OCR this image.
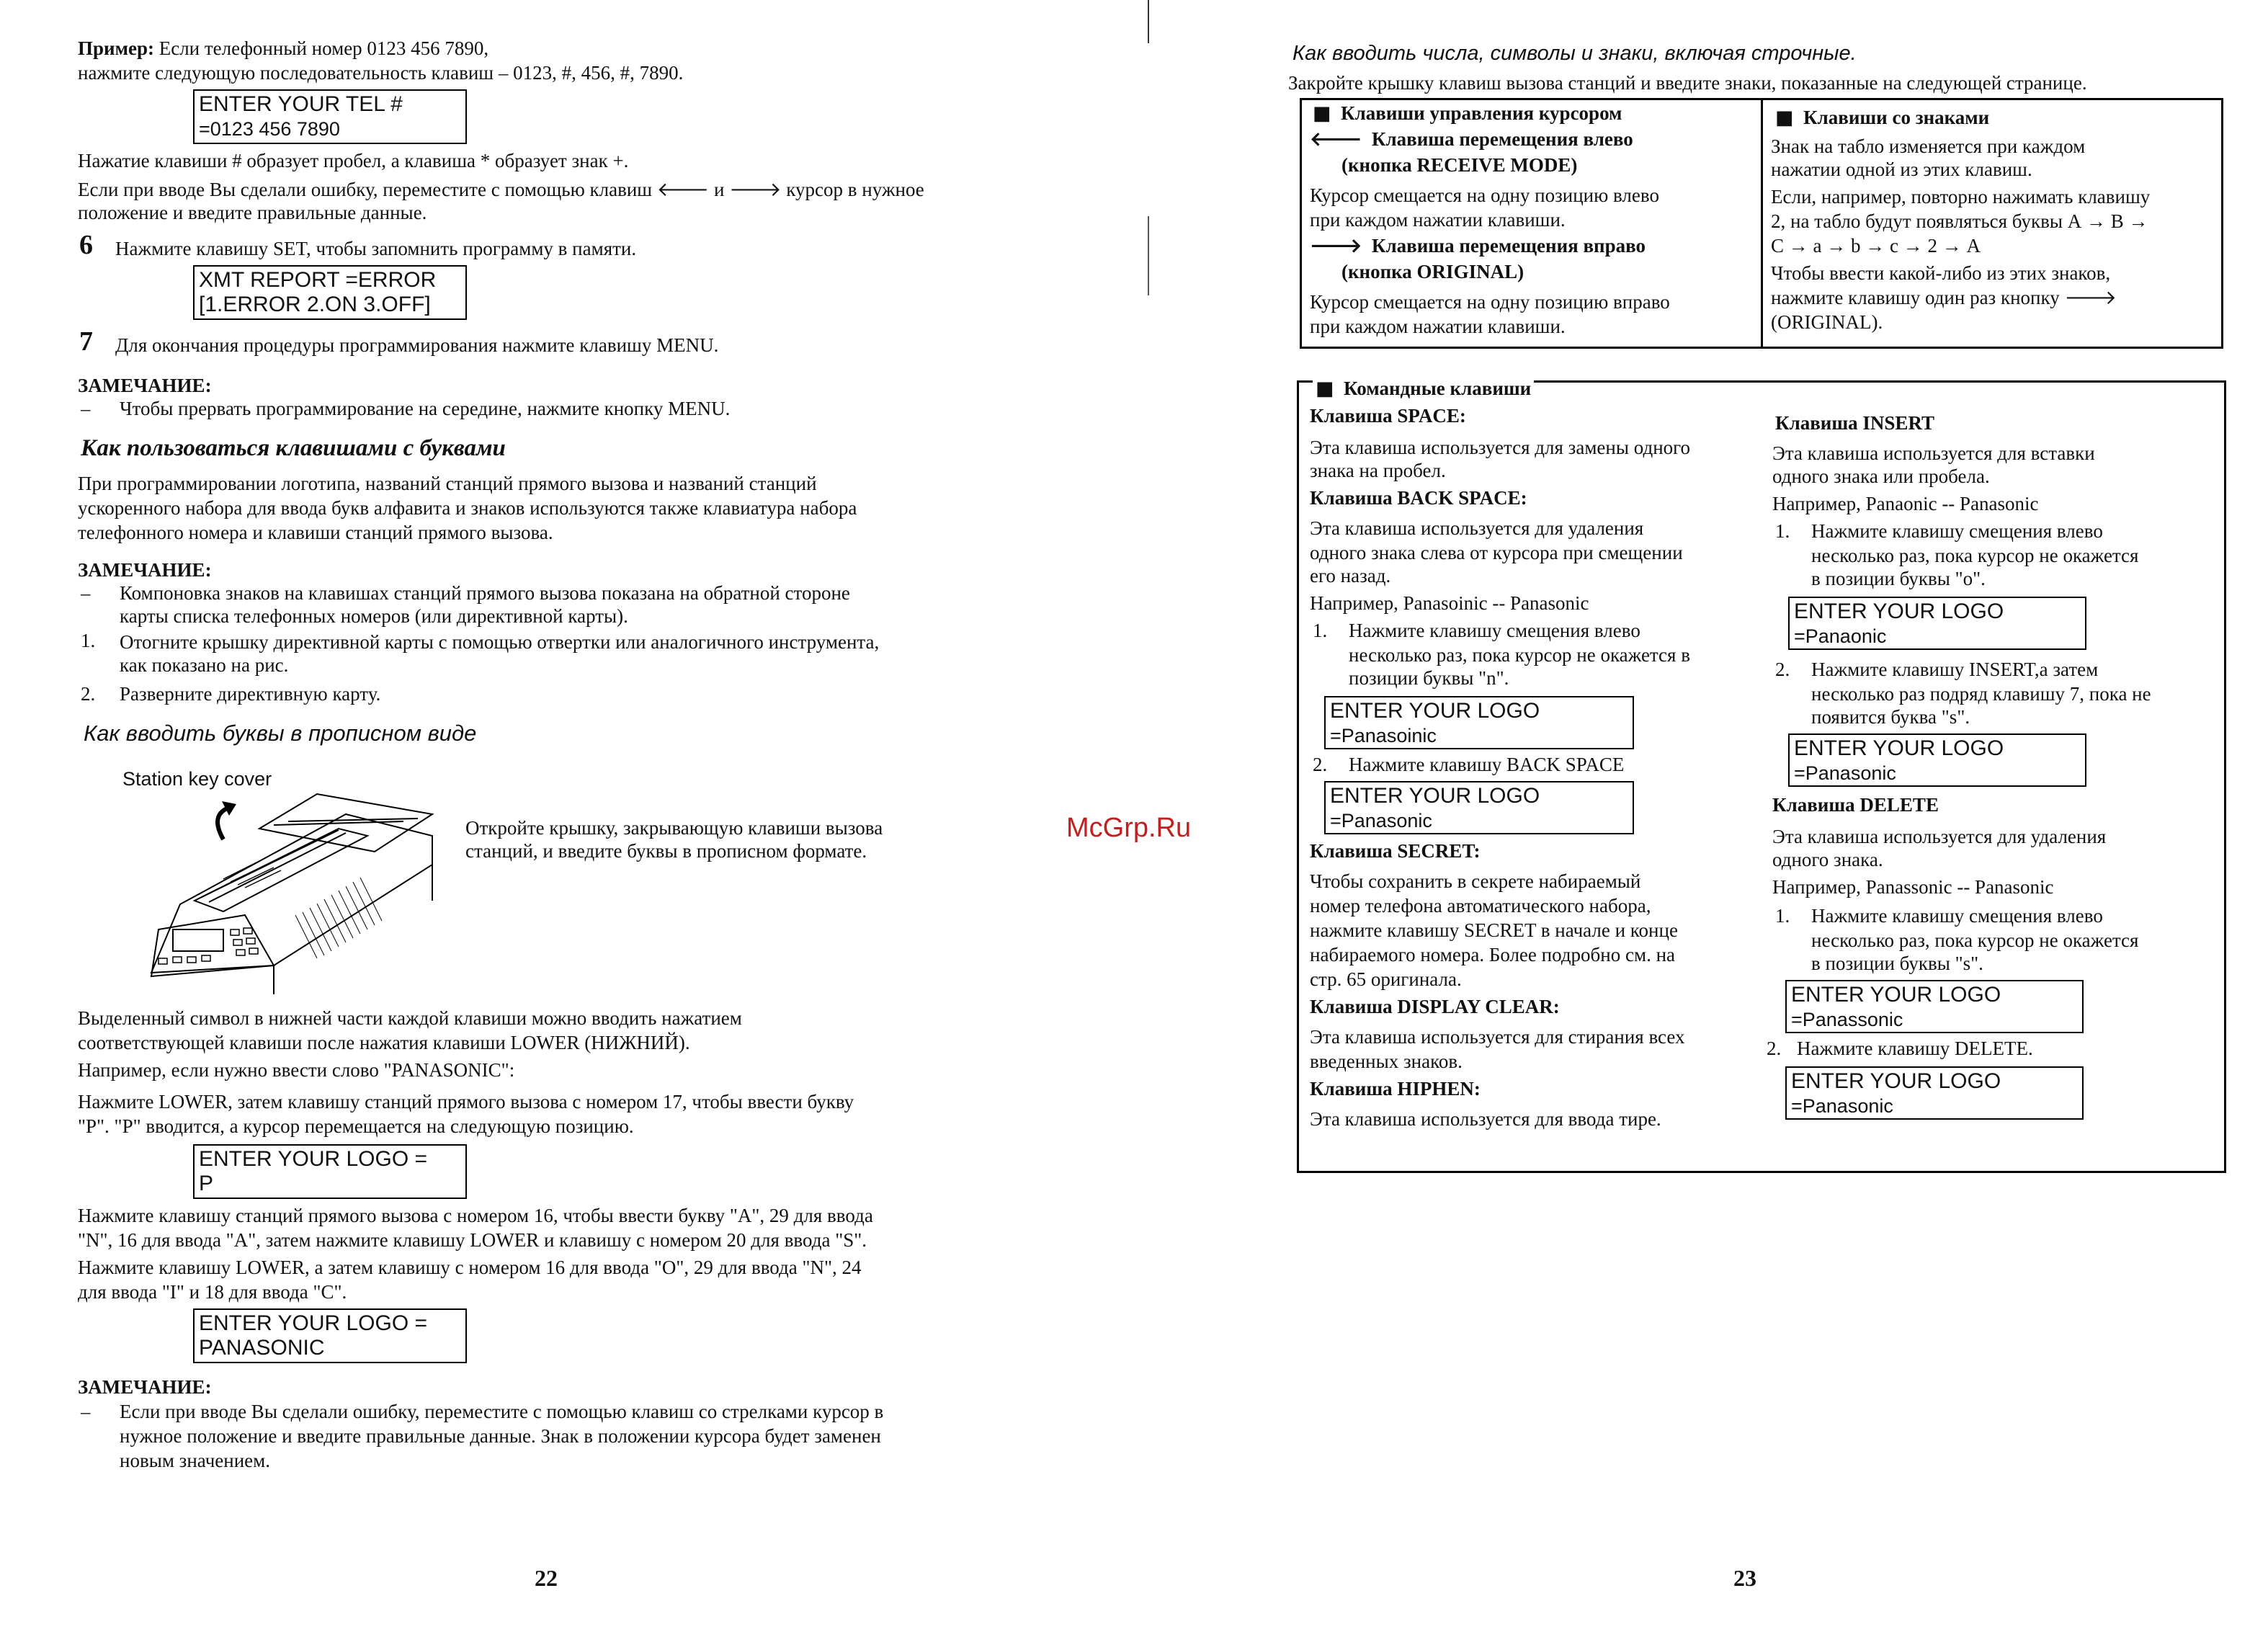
Пример: Если телефонный номер 0123 456 7890,
нажмите следующую последовательность клавиш – 0123, #, 456, #, 7890.
ENTER YOUR TEL #
=0123 456 7890
Нажатие клавиши # образует пробел, а клавиша * образует знак +.
Если при вводе Вы сделали ошибку, переместите с помощью клавиш 🡐 и 🡒 курсор в нужное
положение и введите правильные данные.
6 Нажмите клавишу SET, чтобы запомнить программу в памяти.
XMT REPORT =ERROR
[1.ERROR 2.ON 3.OFF]
7 Для окончания процедуры программирования нажмите клавишу MENU.
ЗАМЕЧАНИЕ:
– Чтобы прервать программирование на середине, нажмите кнопку MENU.
Как пользоваться клавишами с буквами
При программировании логотипа, названий станций прямого вызова и названий станций
ускоренного набора для ввода букв алфавита и знаков используются также клавиатура набора
телефонного номера и клавиши станций прямого вызова.
ЗАМЕЧАНИЕ:
– Компоновка знаков на клавишах станций прямого вызова показана на обратной стороне
карты списка телефонных номеров (или директивной карты).
1. Отогните крышку директивной карты с помощью отвертки или аналогичного инструмента,
как показано на рис.
2. Разверните директивную карту.
Как вводить буквы в прописном виде
Station key cover
Откройте крышку, закрывающую клавиши вызова
станций, и введите буквы в прописном формате.
Выделенный символ в нижней части каждой клавиши можно вводить нажатием
соответствующей клавиши после нажатия клавиши LOWER (НИЖНИЙ).
Например, если нужно ввести слово "PANASONIC":
Нажмите LOWER, затем клавишу станций прямого вызова с номером 17, чтобы ввести букву
"Р". "Р" вводится, а курсор перемещается на следующую позицию.
ENTER YOUR LOGO =
P
Нажмите клавишу станций прямого вызова с номером 16, чтобы ввести букву "А", 29 для ввода
"N", 16 для ввода "А", затем нажмите клавишу LOWER и клавишу с номером 20 для ввода "S".
Нажмите клавишу LOWER, а затем клавишу с номером 16 для ввода "О", 29 для ввода "N", 24
для ввода "I" и 18 для ввода "С".
ENTER YOUR LOGO =
PANASONIC
ЗАМЕЧАНИЕ:
– Если при вводе Вы сделали ошибку, переместите с помощью клавиш со стрелками курсор в
нужное положение и введите правильные данные. Знак в положении курсора будет заменен
новым значением.
22
McGrp.Ru
Как вводить числа, символы и знаки, включая строчные.
Закройте крышку клавиш вызова станций и введите знаки, показанные на следующей странице.
■ Клавиши управления курсором
🡐 Клавиша перемещения влево
(кнопка RECEIVE MODE)
Курсор смещается на одну позицию влево
при каждом нажатии клавиши.
🡒 Клавиша перемещения вправо
(кнопка ORIGINAL)
Курсор смещается на одну позицию вправо
при каждом нажатии клавиши.
■ Клавиши со знаками
Знак на табло изменяется при каждом
нажатии одной из этих клавиш.
Если, например, повторно нажимать клавишу
2, на табло будут появляться буквы А → В →
С → а → b → с → 2 → А
Чтобы ввести какой-либо из этих знаков,
нажмите клавишу один раз кнопку 🡒
(ORIGINAL).
■ Командные клавиши
Клавиша SPACE:
Эта клавиша используется для замены одного
знака на пробел.
Клавиша BACK SPACE:
Эта клавиша используется для удаления
одного знака слева от курсора при смещении
его назад.
Например, Panasoinic -- Panasonic
1. Нажмите клавишу смещения влево
несколько раз, пока курсор не окажется в
позиции буквы "n".
ENTER YOUR LOGO
=Panasoinic
2. Нажмите клавишу BACK SPACE
ENTER YOUR LOGO
=Panasonic
Клавиша SECRET:
Чтобы сохранить в секрете набираемый
номер телефона автоматического набора,
нажмите клавишу SECRET в начале и конце
набираемого номера. Более подробно см. на
стр. 65 оригинала.
Клавиша DISPLAY CLEAR:
Эта клавиша используется для стирания всех
введенных знаков.
Клавиша HIPHEN:
Эта клавиша используется для ввода тире.
Клавиша INSERT
Эта клавиша используется для вставки
одного знака или пробела.
Например, Panaonic -- Panasonic
1. Нажмите клавишу смещения влево
несколько раз, пока курсор не окажется
в позиции буквы "о".
ENTER YOUR LOGO
=Panaonic
2. Нажмите клавишу INSERT,а затем
несколько раз подряд клавишу 7, пока не
появится буква "s".
ENTER YOUR LOGO
=Panasonic
Клавиша DELETE
Эта клавиша используется для удаления
одного знака.
Например, Panassonic -- Panasonic
1. Нажмите клавишу смещения влево
несколько раз, пока курсор не окажется
в позиции буквы "s".
ENTER YOUR LOGO
=Panassonic
2. Нажмите клавишу DELETE.
ENTER YOUR LOGO
=Panasonic
23
